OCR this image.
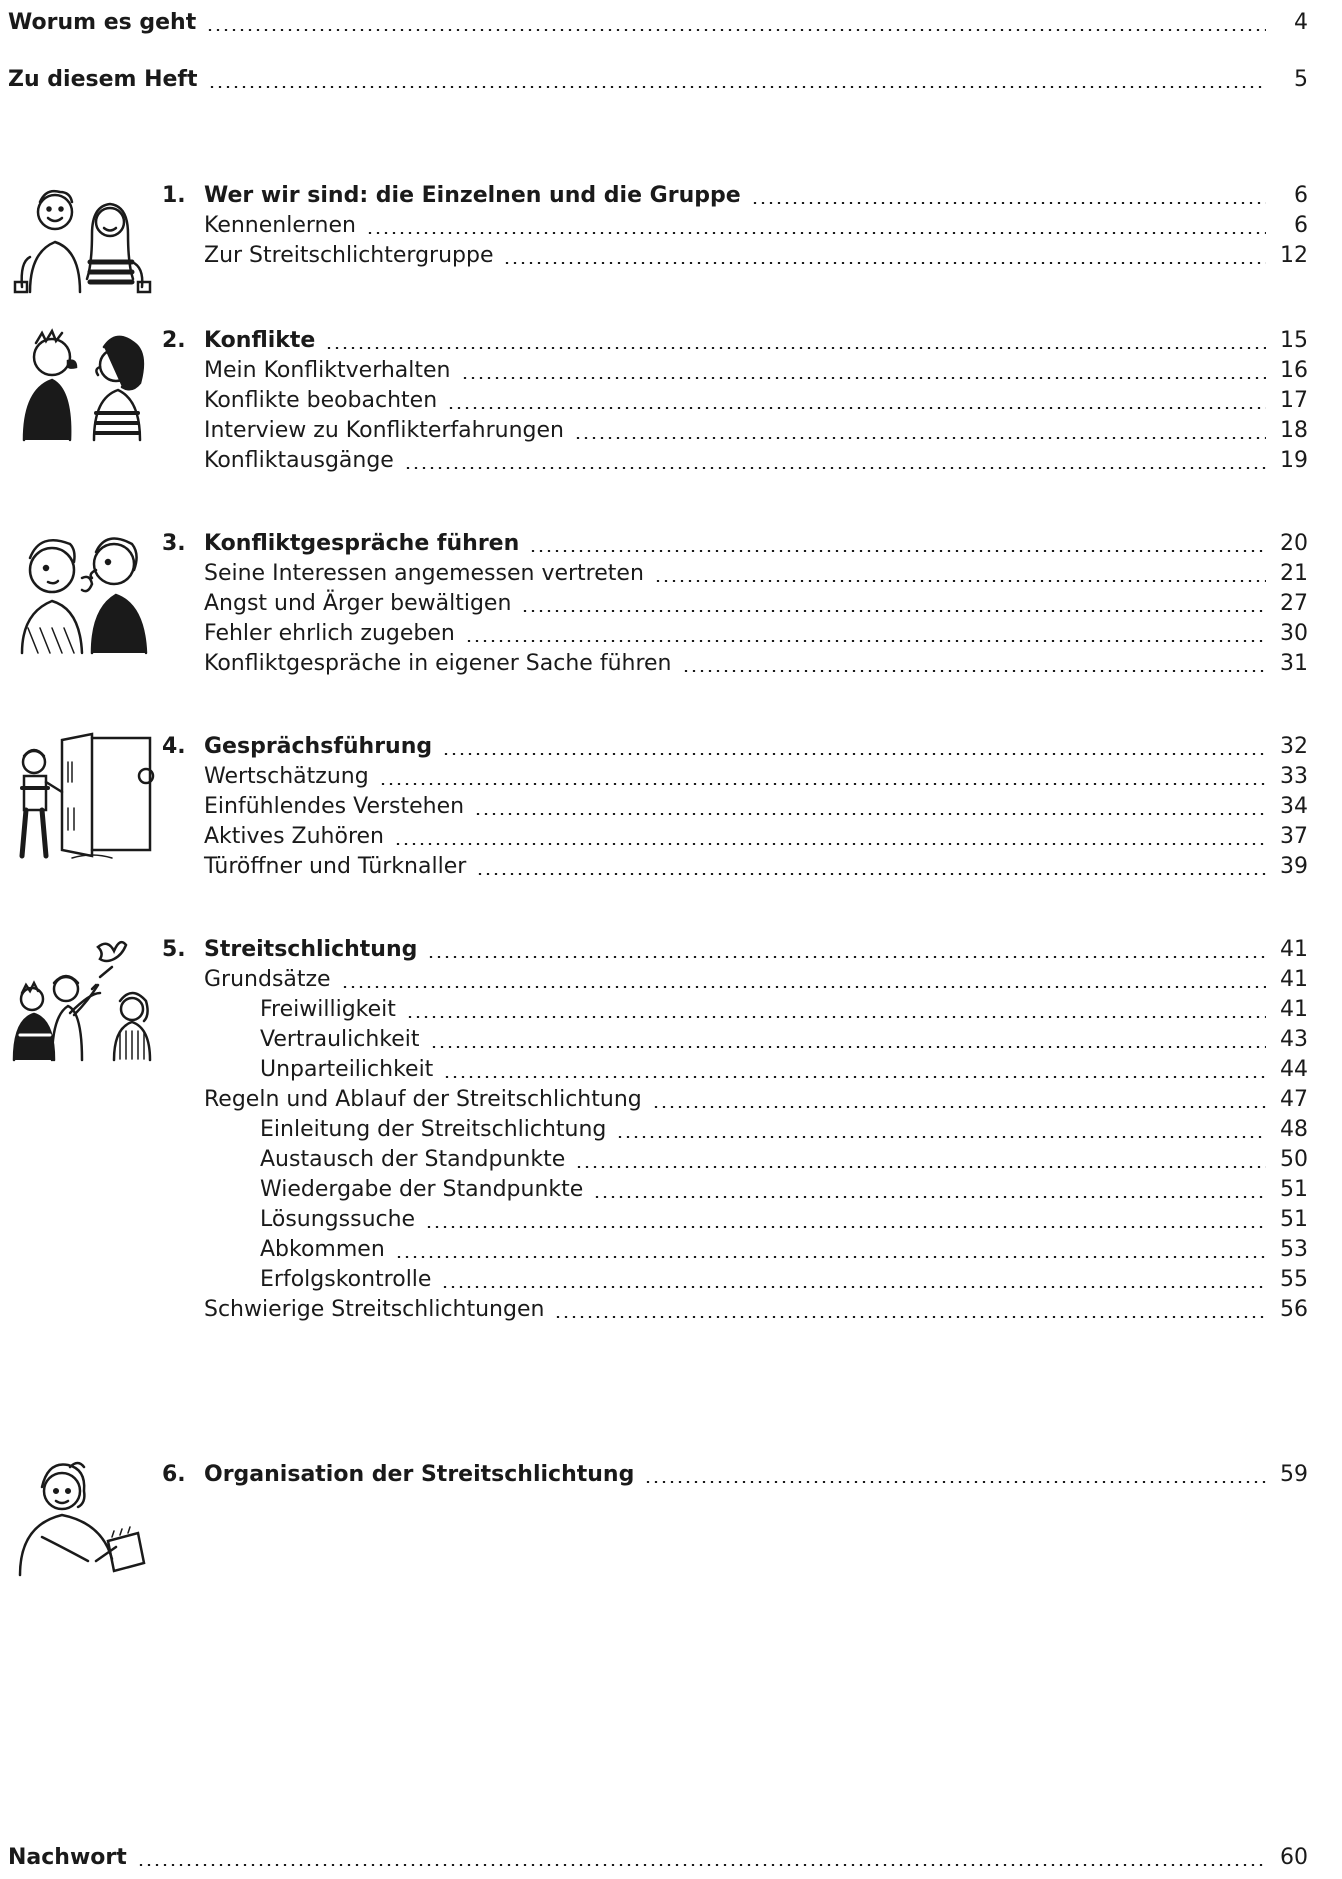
Worum es geht	4
Zu diesem Heft	5
1. Wer wir sind: die Einzelnen und die Gruppe	6
Kennenlernen	6
Zur Streitschlichtergruppe	12
2. Konflikte	15
Mein Konfliktverhalten	16
Konflikte beobachten	17
Interview zu Konflikterfahrungen	18
Konfliktausgänge	19
3. Konfliktgespräche führen	20
Seine Interessen angemessen vertreten	21
Angst und Ärger bewältigen	27
Fehler ehrlich zugeben	30
Konfliktgespräche in eigener Sache führen	31
4. Gesprächsführung	32
Wertschätzung	33
Einfühlendes Verstehen	34
Aktives Zuhören	37
Türöffner und Türknaller	39
5. Streitschlichtung	41
Grundsätze	41
Freiwilligkeit	41
Vertraulichkeit	43
Unparteilichkeit	44
Regeln und Ablauf der Streitschlichtung	47
Einleitung der Streitschlichtung	48
Austausch der Standpunkte	50
Wiedergabe der Standpunkte	51
Lösungssuche	51
Abkommen	53
Erfolgskontrolle	55
Schwierige Streitschlichtungen	56
6. Organisation der Streitschlichtung	59
Nachwort	60
